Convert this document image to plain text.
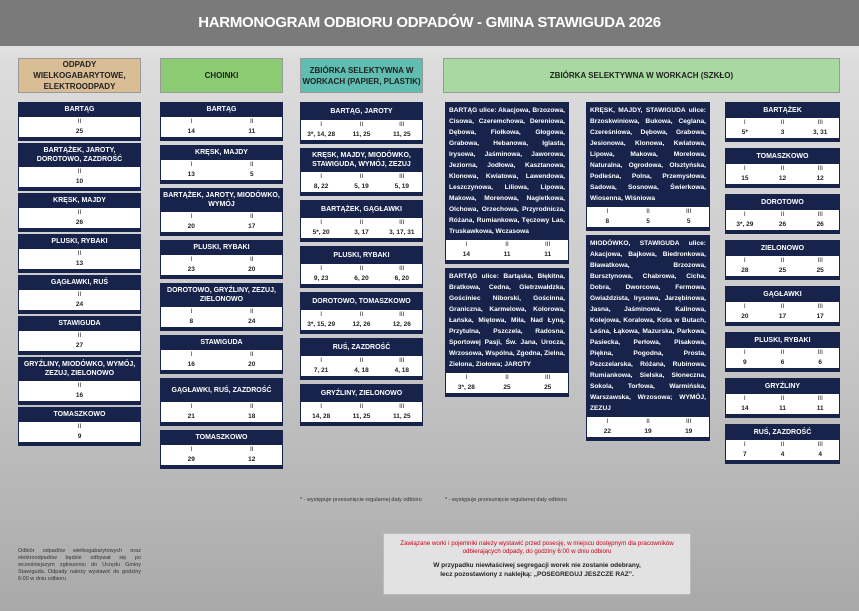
HARMONOGRAM ODBIORU ODPADÓW - GMINA STAWIGUDA 2026
ODPADY WIELKOGABARYTOWE, ELEKTROODPADY
CHOINKI
ZBIÓRKA SELEKTYWNA W WORKACH (PAPIER, PLASTIK)
ZBIÓRKA SELEKTYWNA W WORKACH (SZKŁO)
BARTĄG
II
25
BARTĄŻEK, JAROTY, DOROTOWO, ZAZDROŚĆ
II
10
KRĘSK, MAJDY
II
26
PLUSKI, RYBAKI
II
13
GĄGŁAWKI, RUŚ
II
24
STAWIGUDA
II
27
GRYŹLINY, MIODÓWKO, WYMÓJ, ZEZUJ, ZIELONOWO
II
16
TOMASZKOWO
II
9
BARTĄG
I	II
14	11
KRĘSK, MAJDY
I	II
13	5
BARTĄŻEK, JAROTY, MIODÓWKO, WYMÓJ
I	II
20	17
PLUSKI, RYBAKI
I	II
23	20
DOROTOWO, GRYŹLINY, ZEZUJ, ZIELONOWO
I	II
8	24
STAWIGUDA
I	II
16	20
GĄGŁAWKI, RUŚ, ZAZDROŚĆ
I	II
21	18
TOMASZKOWO
I	II
29	12
BARTĄG, JAROTY
I	II	III
3*, 14, 28	11, 25	11, 25
KRĘSK, MAJDY, MIODÓWKO, STAWIGUDA, WYMÓJ, ZEZUJ
I	II	III
8, 22	5, 19	5, 19
BARTĄŻEK, GĄGŁAWKI
I	II	III
5*, 20	3, 17	3, 17, 31
PLUSKI, RYBAKI
I	II	III
9, 23	6, 20	6, 20
DOROTOWO, TOMASZKOWO
I	II	III
3*, 15, 29	12, 26	12, 26
RUŚ, ZAZDROŚĆ
I	II	III
7, 21	4, 18	4, 18
GRYŹLINY, ZIELONOWO
I	II	III
14, 28	11, 25	11, 25
BARTĄG ulice: Akacjowa, Brzozowa, Cisowa, Czeremchowa, Dereniowa, Dębowa, Fiołkowa, Głogowa, Grabowa, Hebanowa, Iglasta, Irysowa, Jaśminowa, Jaworowa, Jeziorna, Jodłowa, Kasztanowa, Klonowa, Kwiatowa, Lawendowa, Leszczynowa, Liliowa, Lipowa, Makowa, Morenowa, Nagietkowa, Olchowa, Orzechowa, Przyrodnicza, Różana, Rumiankowa, Tęczowy Las, Truskawkowa, Wczasowa
I	II	III
14	11	11
BARTĄG ulice: Bartąska, Błękitna, Bratkowa, Cedna, Gietrzwałdzka, Gościniec Niborski, Gościnna, Graniczna, Karmelowa, Kolorowa, Łańska, Miętowa, Miła, Nad Łyną, Przytulna, Pszczela, Radosna, Sportowej Pasji, Św. Jana, Urocza, Wrzosowa, Wspólna, Zgodna, Zielna, Zielona, Ziołowa; JAROTY
I	II	III
3*, 28	25	25
KRĘSK, MAJDY, STAWIGUDA ulice: Brzoskwiniowa, Bukowa, Ceglana, Czereśniowa, Dębowa, Grabowa, Jesionowa, Klonowa, Kwiatowa, Lipowa, Makowa, Morelowa, Naturalna, Ogrodowa, Olsztyńska, Podleśna, Polna, Przemysłowa, Sadowa, Sosnowa, Świerkowa, Wiosenna, Wiśniowa
I	II	III
8	5	5
MIODÓWKO, STAWIGUDA ulice: Akacjowa, Bajkowa, Biedronkowa, Bławatkowa, Brzozowa, Bursztynowa, Chabrowa, Cicha, Dobra, Dworcowa, Fermowa, Gwiaździsta, Irysowa, Jarzębinowa, Jasna, Jaśminowa, Kalinowa, Kolejowa, Koralowa, Kota w Butach, Leśna, Łąkowa, Mazurska, Parkowa, Pasiecka, Perłowa, Pisakowa, Piękna, Pogodna, Prosta, Pszczelarska, Różana, Rubinowa, Rumiankowa, Sielska, Słoneczna, Sokola, Torfowa, Warmińska, Warszawska, Wrzosowa; WYMÓJ, ZEZUJ
I	II	III
22	19	19
BARTĄŻEK
I	II	III
5*	3	3, 31
TOMASZKOWO
I	II	III
15	12	12
DOROTOWO
I	II	III
3*, 29	26	26
ZIELONOWO
I	II	III
28	25	25
GĄGŁAWKI
I	II	III
20	17	17
PLUSKI, RYBAKI
I	II	III
9	6	6
GRYŹLINY
I	II	III
14	11	11
RUŚ, ZAZDROŚĆ
I	II	III
7	4	4
Odbiór odpadów wielkogabarytowych oraz elektroodpadów będzie odbywał się po wcześniejszym zgłoszeniu do Urzędu Gminy Stawiguda. Odpady należy wystawić do godziny 6:00 w dniu odbioru
* - występuje przesunięcie regularnej daty odbioru	* - występuje przesunięcie regularnej daty odbioru
Zawiązane worki i pojemniki należy wystawić przed posesję, w miejscu dostępnym dla pracowników odbierających odpady, do godziny 6:00 w dniu odbioru
W przypadku niewłaściwej segregacji worek nie zostanie odebrany,
lecz pozostawiony z naklejką: „POSEGREGUJ JESZCZE RAZ”.
